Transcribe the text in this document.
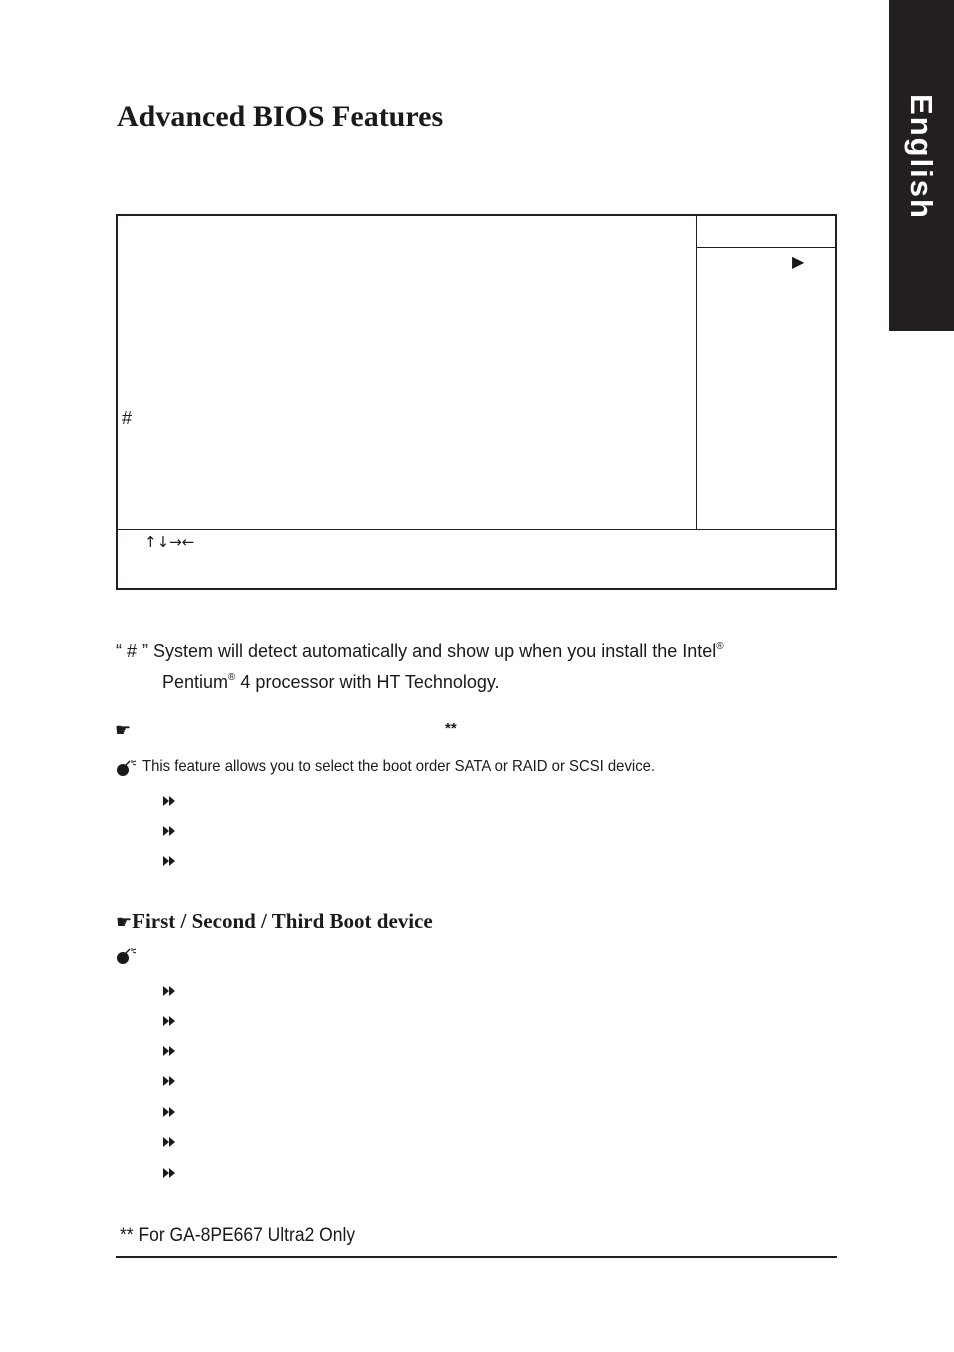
English
Advanced BIOS Features
▶
#
↑↓→←
“ # ” System will detect automatically and show up when you install the Intel®
Pentium® 4 processor with HT Technology.
☛	**
This feature allows you to select the boot order SATA or RAID or SCSI device.
☛First / Second / Third Boot device
** For GA-8PE667 Ultra2 Only
